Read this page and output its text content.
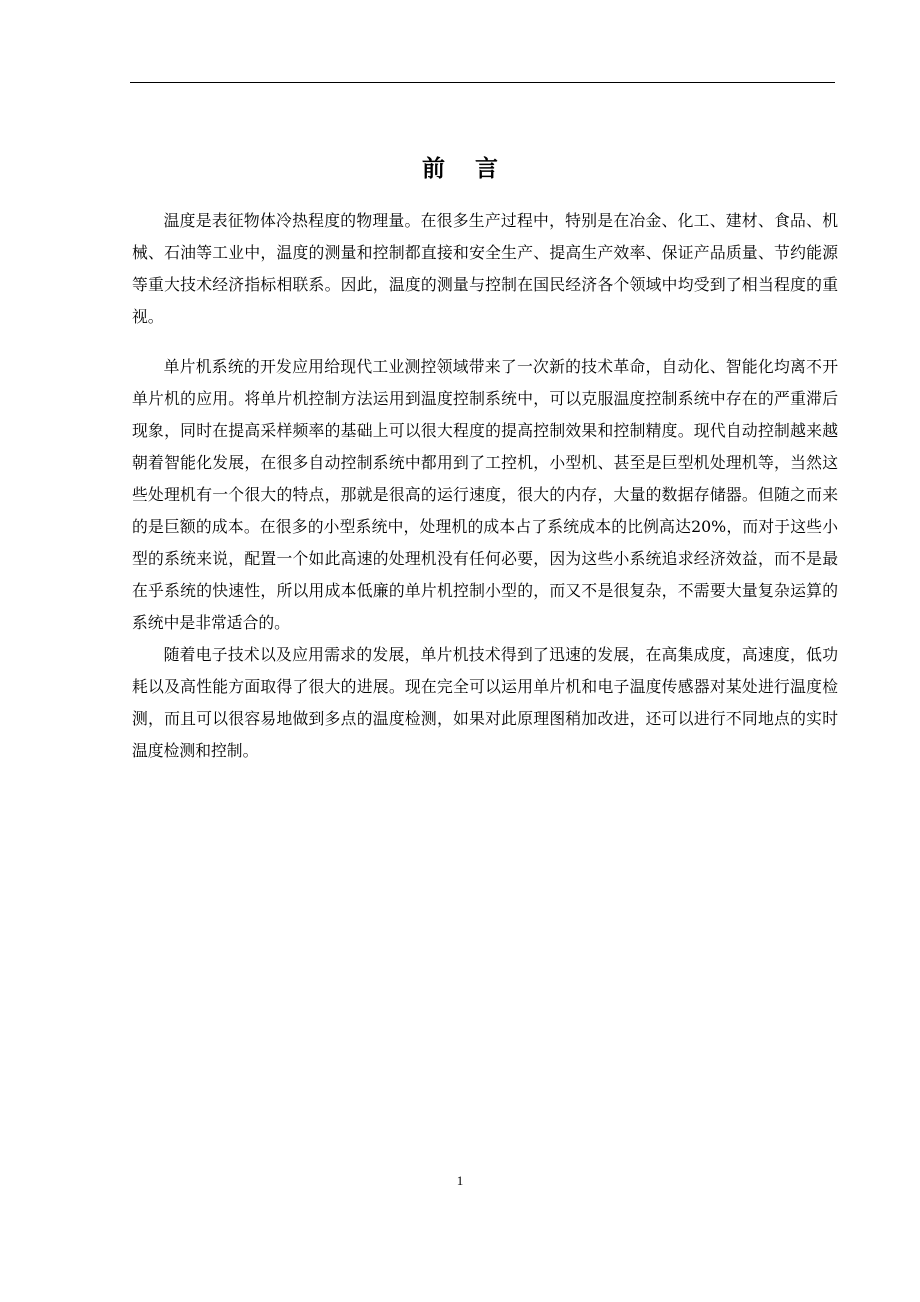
前言

温度是表征物体冷热程度的物理量。在很多生产过程中，特别是在冶金、化工、建材、食品、机械、石油等工业中，温度的测量和控制都直接和安全生产、提高生产效率、保证产品质量、节约能源等重大技术经济指标相联系。因此，温度的测量与控制在国民经济各个领域中均受到了相当程度的重视。

单片机系统的开发应用给现代工业测控领域带来了一次新的技术革命，自动化、智能化均离不开单片机的应用。将单片机控制方法运用到温度控制系统中，可以克服温度控制系统中存在的严重滞后现象，同时在提高采样频率的基础上可以很大程度的提高控制效果和控制精度。现代自动控制越来越朝着智能化发展，在很多自动控制系统中都用到了工控机，小型机、甚至是巨型机处理机等，当然这些处理机有一个很大的特点，那就是很高的运行速度，很大的内存，大量的数据存储器。但随之而来的是巨额的成本。在很多的小型系统中，处理机的成本占了系统成本的比例高达20%，而对于这些小型的系统来说，配置一个如此高速的处理机没有任何必要，因为这些小系统追求经济效益，而不是最在乎系统的快速性，所以用成本低廉的单片机控制小型的，而又不是很复杂，不需要大量复杂运算的系统中是非常适合的。

随着电子技术以及应用需求的发展，单片机技术得到了迅速的发展，在高集成度，高速度，低功耗以及高性能方面取得了很大的进展。现在完全可以运用单片机和电子温度传感器对某处进行温度检测，而且可以很容易地做到多点的温度检测，如果对此原理图稍加改进，还可以进行不同地点的实时温度检测和控制。

1
